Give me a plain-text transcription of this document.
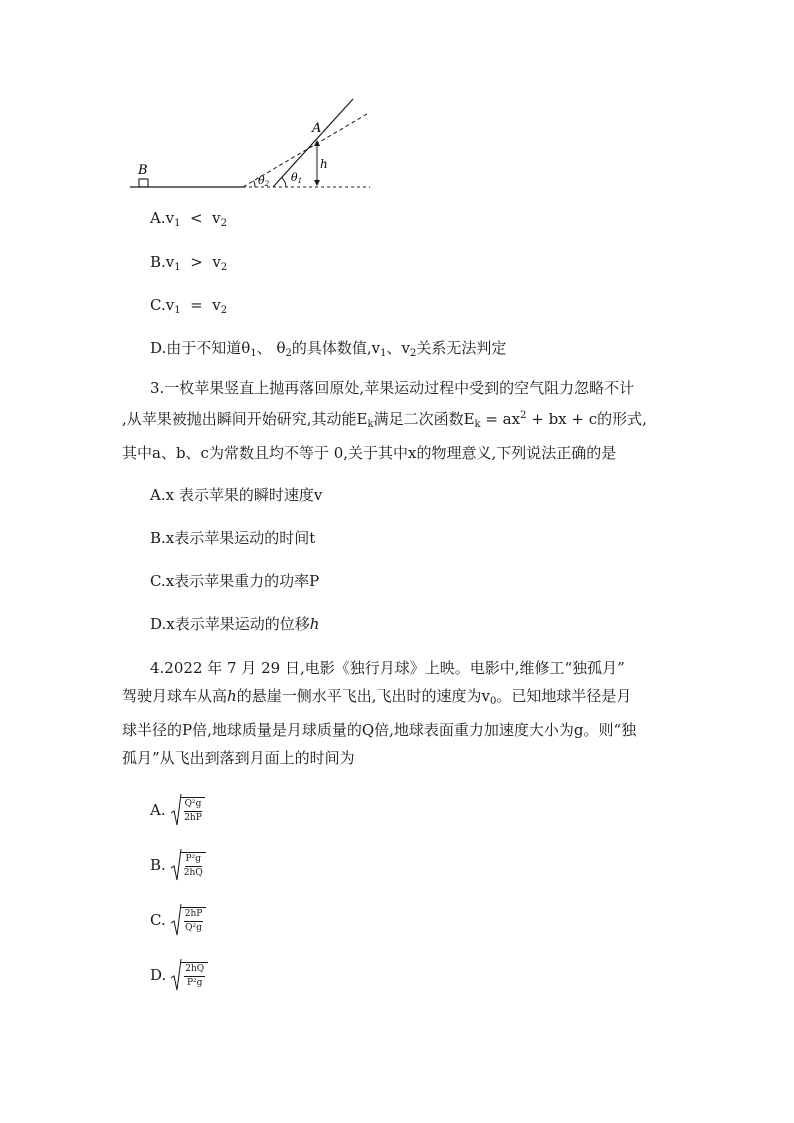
B
A
h
θ2 θ1
$A.v_1 < v_2$
$B.v_1 > v_2$
$C.v_1 = v_2$
D.由于不知道$\theta_1$、 $\theta_2$的具体数值$,v_1$、$v_2$关系无法判定

3.一枚苹果竖直上抛再落回原处,苹果运动过程中受到的空气阻力忽略不计

,从苹果被抛出瞬间开始研究,其动能$E_k$满足二次函数$E_k = ax^2$ + bx + c的形式,

其中a、b、c为常数且均不等于 0,关于其中x的物理意义,下列说法正确的是

A.x 表示苹果的瞬时速度v
B.x表示苹果运动的时间t
C.x表示苹果重力的功率P
D.x表示苹果运动的位移h

4.2022 年 7 月 29 日,电影《独行月球》上映。电影中,维修工“独孤月”

驾驶月球车从高h的悬崖一侧水平飞出,飞出时的速度为$v_0$。已知地球半径是月

球半径的P倍,地球质量是月球质量的Q倍,地球表面重力加速度大小为g。则“独

孤月”从飞出到落到月面上的时间为

A. $\frac{\text{Q²g}}{2hP}$
B. $\frac{\text{P²g}}{2hQ}$
C. $\frac{2hP}{\text{Q²g}}$
D. $\frac{2hQ}{\text{P²g}}$
